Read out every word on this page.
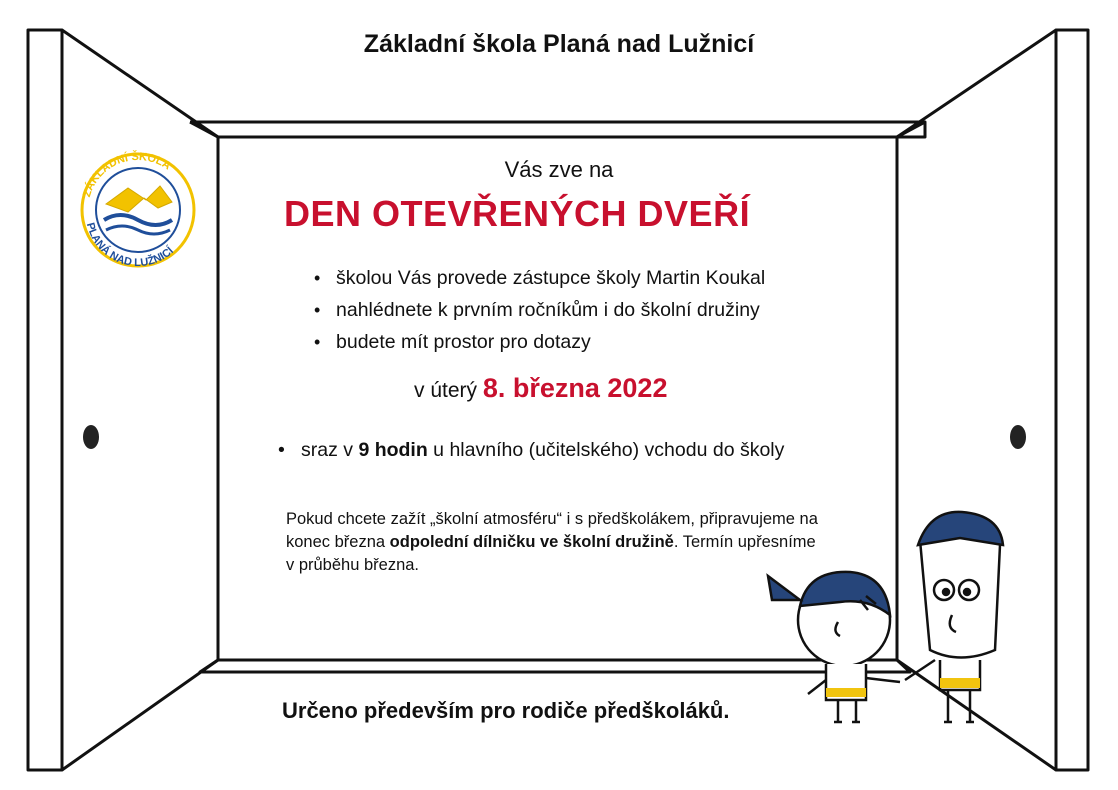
ZÁKLADNÍ ŠKOLA
PLANÁ NAD LUŽNICÍ
Základní škola Planá nad Lužnicí

Vás zve na

DEN OTEVŘENÝCH DVEŘÍ
• školou Vás provede zástupce školy Martin Koukal
• nahlédnete k prvním ročníkům i do školní družiny
• budete mít prostor pro dotazy

v úterý 8. března 2022

• sraz v 9 hodin u hlavního (učitelského) vchodu do školy

Pokud chcete zažít „školní atmosféru“ i s předškolákem, připravujeme na konec března odpolední dílničku ve školní družině. Termín upřesníme v průběhu března.

Určeno především pro rodiče předškoláků.
